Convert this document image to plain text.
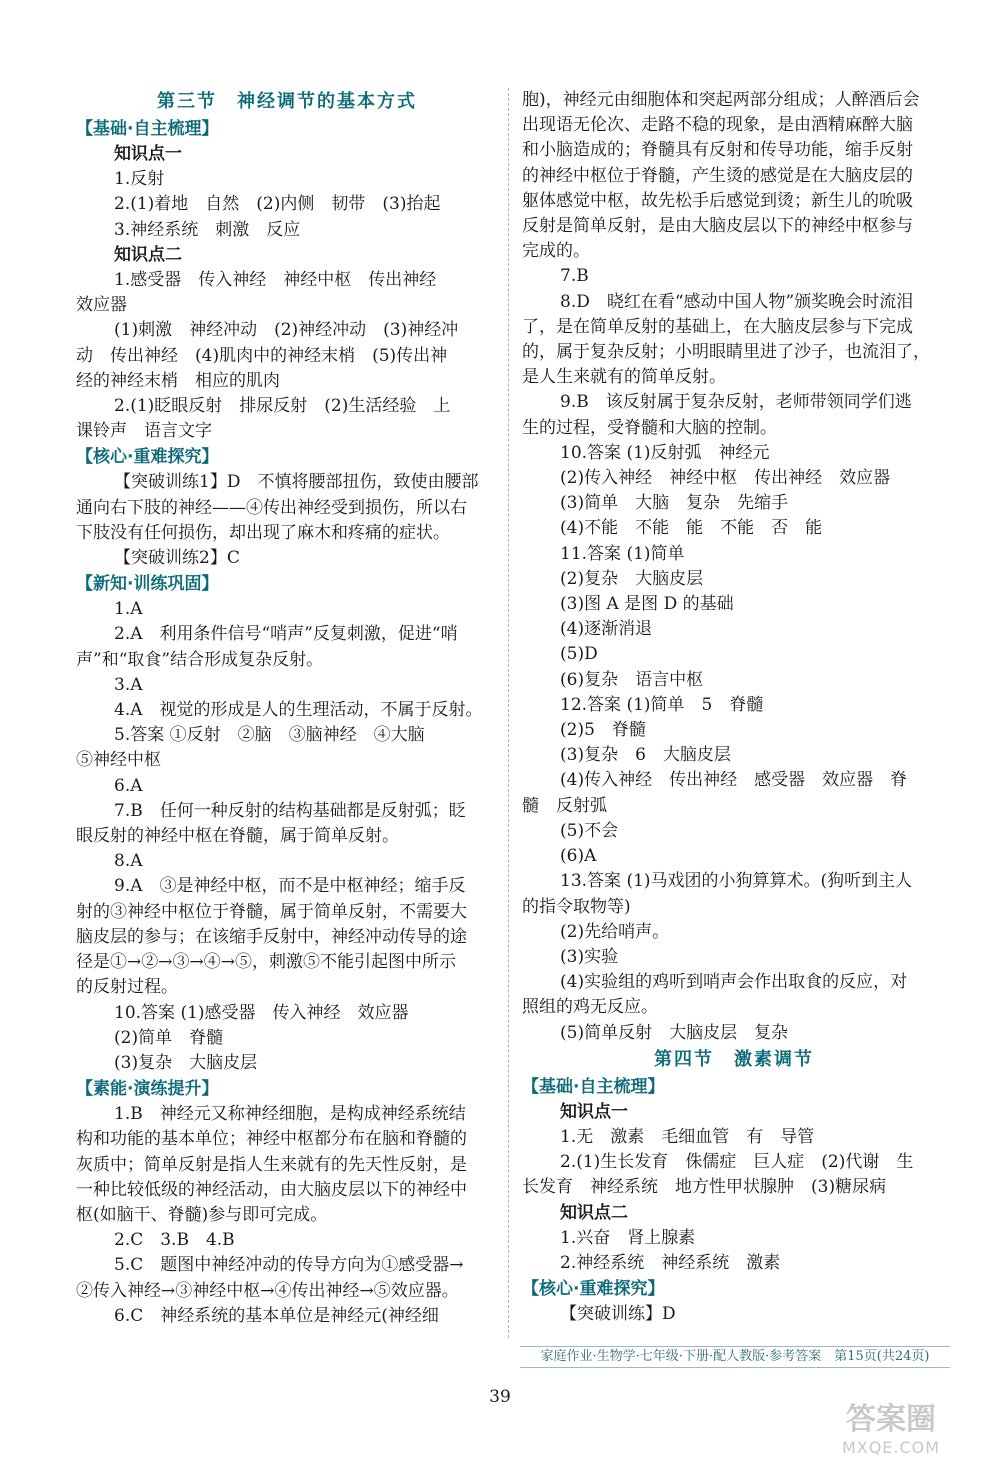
第三节　神经调节的基本方式
【基础·自主梳理】
知识点一
1.反射
2.(1)着地　自然　(2)内侧　韧带　(3)抬起
3.神经系统　刺激　反应
知识点二
1.感受器　传入神经　神经中枢　传出神经
效应器
(1)刺激　神经冲动　(2)神经冲动　(3)神经冲
动　传出神经　(4)肌肉中的神经末梢　(5)传出神
经的神经末梢　相应的肌肉
2.(1)眨眼反射　排尿反射　(2)生活经验　上
课铃声　语言文字
【核心·重难探究】
【突破训练1】D　不慎将腰部扭伤，致使由腰部
通向右下肢的神经——④传出神经受到损伤，所以右
下肢没有任何损伤，却出现了麻木和疼痛的症状。
【突破训练2】C
【新知·训练巩固】
1.A
2.A　利用条件信号“哨声”反复刺激，促进“哨
声”和“取食”结合形成复杂反射。
3.A
4.A　视觉的形成是人的生理活动，不属于反射。
5.答案 ①反射　②脑　③脑神经　④大脑
⑤神经中枢
6.A
7.B　任何一种反射的结构基础都是反射弧；眨
眼反射的神经中枢在脊髓，属于简单反射。
8.A
9.A　③是神经中枢，而不是中枢神经；缩手反
射的③神经中枢位于脊髓，属于简单反射，不需要大
脑皮层的参与；在该缩手反射中，神经冲动传导的途
径是①→②→③→④→⑤，刺激⑤不能引起图中所示
的反射过程。
10.答案 (1)感受器　传入神经　效应器
(2)简单　脊髓
(3)复杂　大脑皮层
【素能·演练提升】
1.B　神经元又称神经细胞，是构成神经系统结
构和功能的基本单位；神经中枢都分布在脑和脊髓的
灰质中；简单反射是指人生来就有的先天性反射，是
一种比较低级的神经活动，由大脑皮层以下的神经中
枢(如脑干、脊髓)参与即可完成。
2.C　3.B　4.B
5.C　题图中神经冲动的传导方向为①感受器→
②传入神经→③神经中枢→④传出神经→⑤效应器。
6.C　神经系统的基本单位是神经元(神经细
胞)，神经元由细胞体和突起两部分组成；人醉酒后会
出现语无伦次、走路不稳的现象，是由酒精麻醉大脑
和小脑造成的；脊髓具有反射和传导功能，缩手反射
的神经中枢位于脊髓，产生烫的感觉是在大脑皮层的
躯体感觉中枢，故先松手后感觉到烫；新生儿的吮吸
反射是简单反射，是由大脑皮层以下的神经中枢参与
完成的。
7.B
8.D　晓红在看“感动中国人物”颁奖晚会时流泪
了，是在简单反射的基础上，在大脑皮层参与下完成
的，属于复杂反射；小明眼睛里进了沙子，也流泪了，
是人生来就有的简单反射。
9.B　该反射属于复杂反射，老师带领同学们逃
生的过程，受脊髓和大脑的控制。
10.答案 (1)反射弧　神经元
(2)传入神经　神经中枢　传出神经　效应器
(3)简单　大脑　复杂　先缩手
(4)不能　不能　能　不能　否　能
11.答案 (1)简单
(2)复杂　大脑皮层
(3)图 A 是图 D 的基础
(4)逐渐消退
(5)D
(6)复杂　语言中枢
12.答案 (1)简单　5　脊髓
(2)5　脊髓
(3)复杂　6　大脑皮层
(4)传入神经　传出神经　感受器　效应器　脊
髓　反射弧
(5)不会
(6)A
13.答案 (1)马戏团的小狗算算术。(狗听到主人
的指令取物等)
(2)先给哨声。
(3)实验
(4)实验组的鸡听到哨声会作出取食的反应，对
照组的鸡无反应。
(5)简单反射　大脑皮层　复杂
第四节　激素调节
【基础·自主梳理】
知识点一
1.无　激素　毛细血管　有　导管
2.(1)生长发育　侏儒症　巨人症　(2)代谢　生
长发育　神经系统　地方性甲状腺肿　(3)糖尿病
知识点二
1.兴奋　肾上腺素
2.神经系统　神经系统　激素
【核心·重难探究】
【突破训练】D
家庭作业·生物学·七年级·下册·配人教版·参考答案　第15页(共24页)
39
答案圈
MXQE.COM
